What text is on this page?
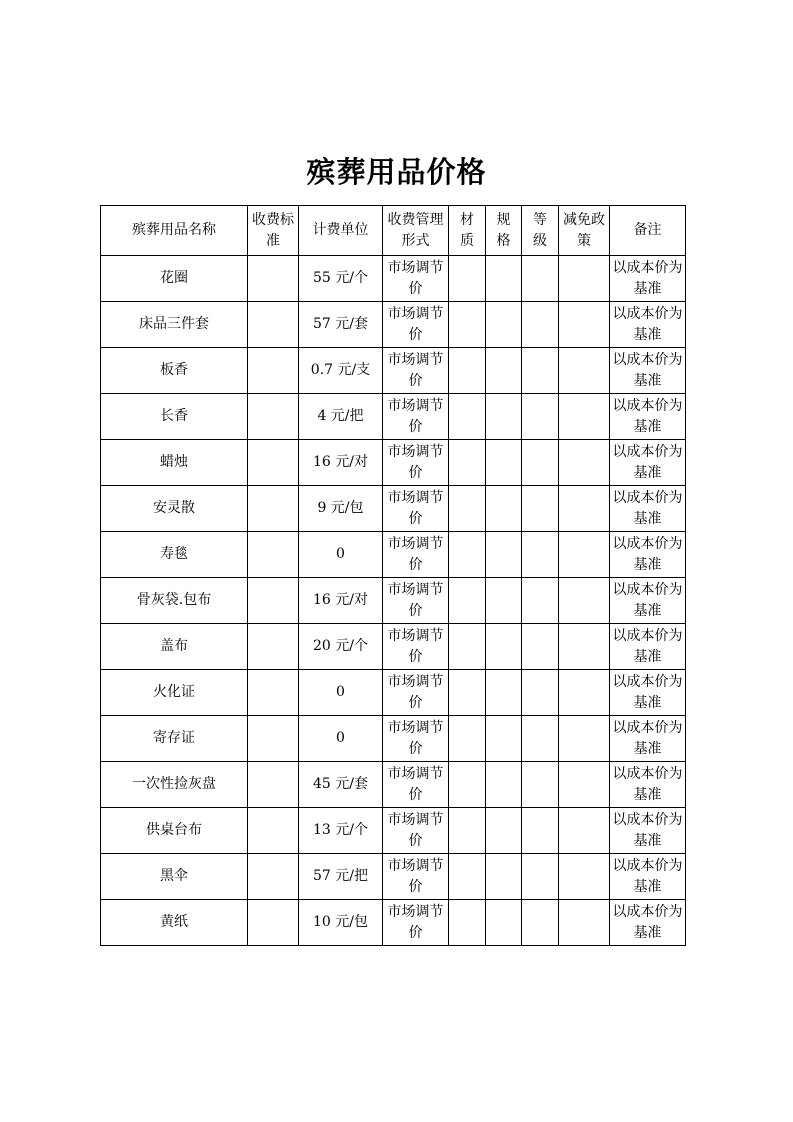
殡葬用品价格
殡葬用品名称	收费标准	计费单位	收费管理形式	材质	规格	等级	减免政策	备注
花圈		55 元/个	市场调节价					以成本价为基准
床品三件套		57 元/套	市场调节价					以成本价为基准
板香		0.7 元/支	市场调节价					以成本价为基准
长香		4 元/把	市场调节价					以成本价为基准
蜡烛		16 元/对	市场调节价					以成本价为基准
安灵散		9 元/包	市场调节价					以成本价为基准
寿毯		0	市场调节价					以成本价为基准
骨灰袋.包布		16 元/对	市场调节价					以成本价为基准
盖布		20 元/个	市场调节价					以成本价为基准
火化证		0	市场调节价					以成本价为基准
寄存证		0	市场调节价					以成本价为基准
一次性捡灰盘		45 元/套	市场调节价					以成本价为基准
供桌台布		13 元/个	市场调节价					以成本价为基准
黑伞		57 元/把	市场调节价					以成本价为基准
黄纸		10 元/包	市场调节价					以成本价为基准
